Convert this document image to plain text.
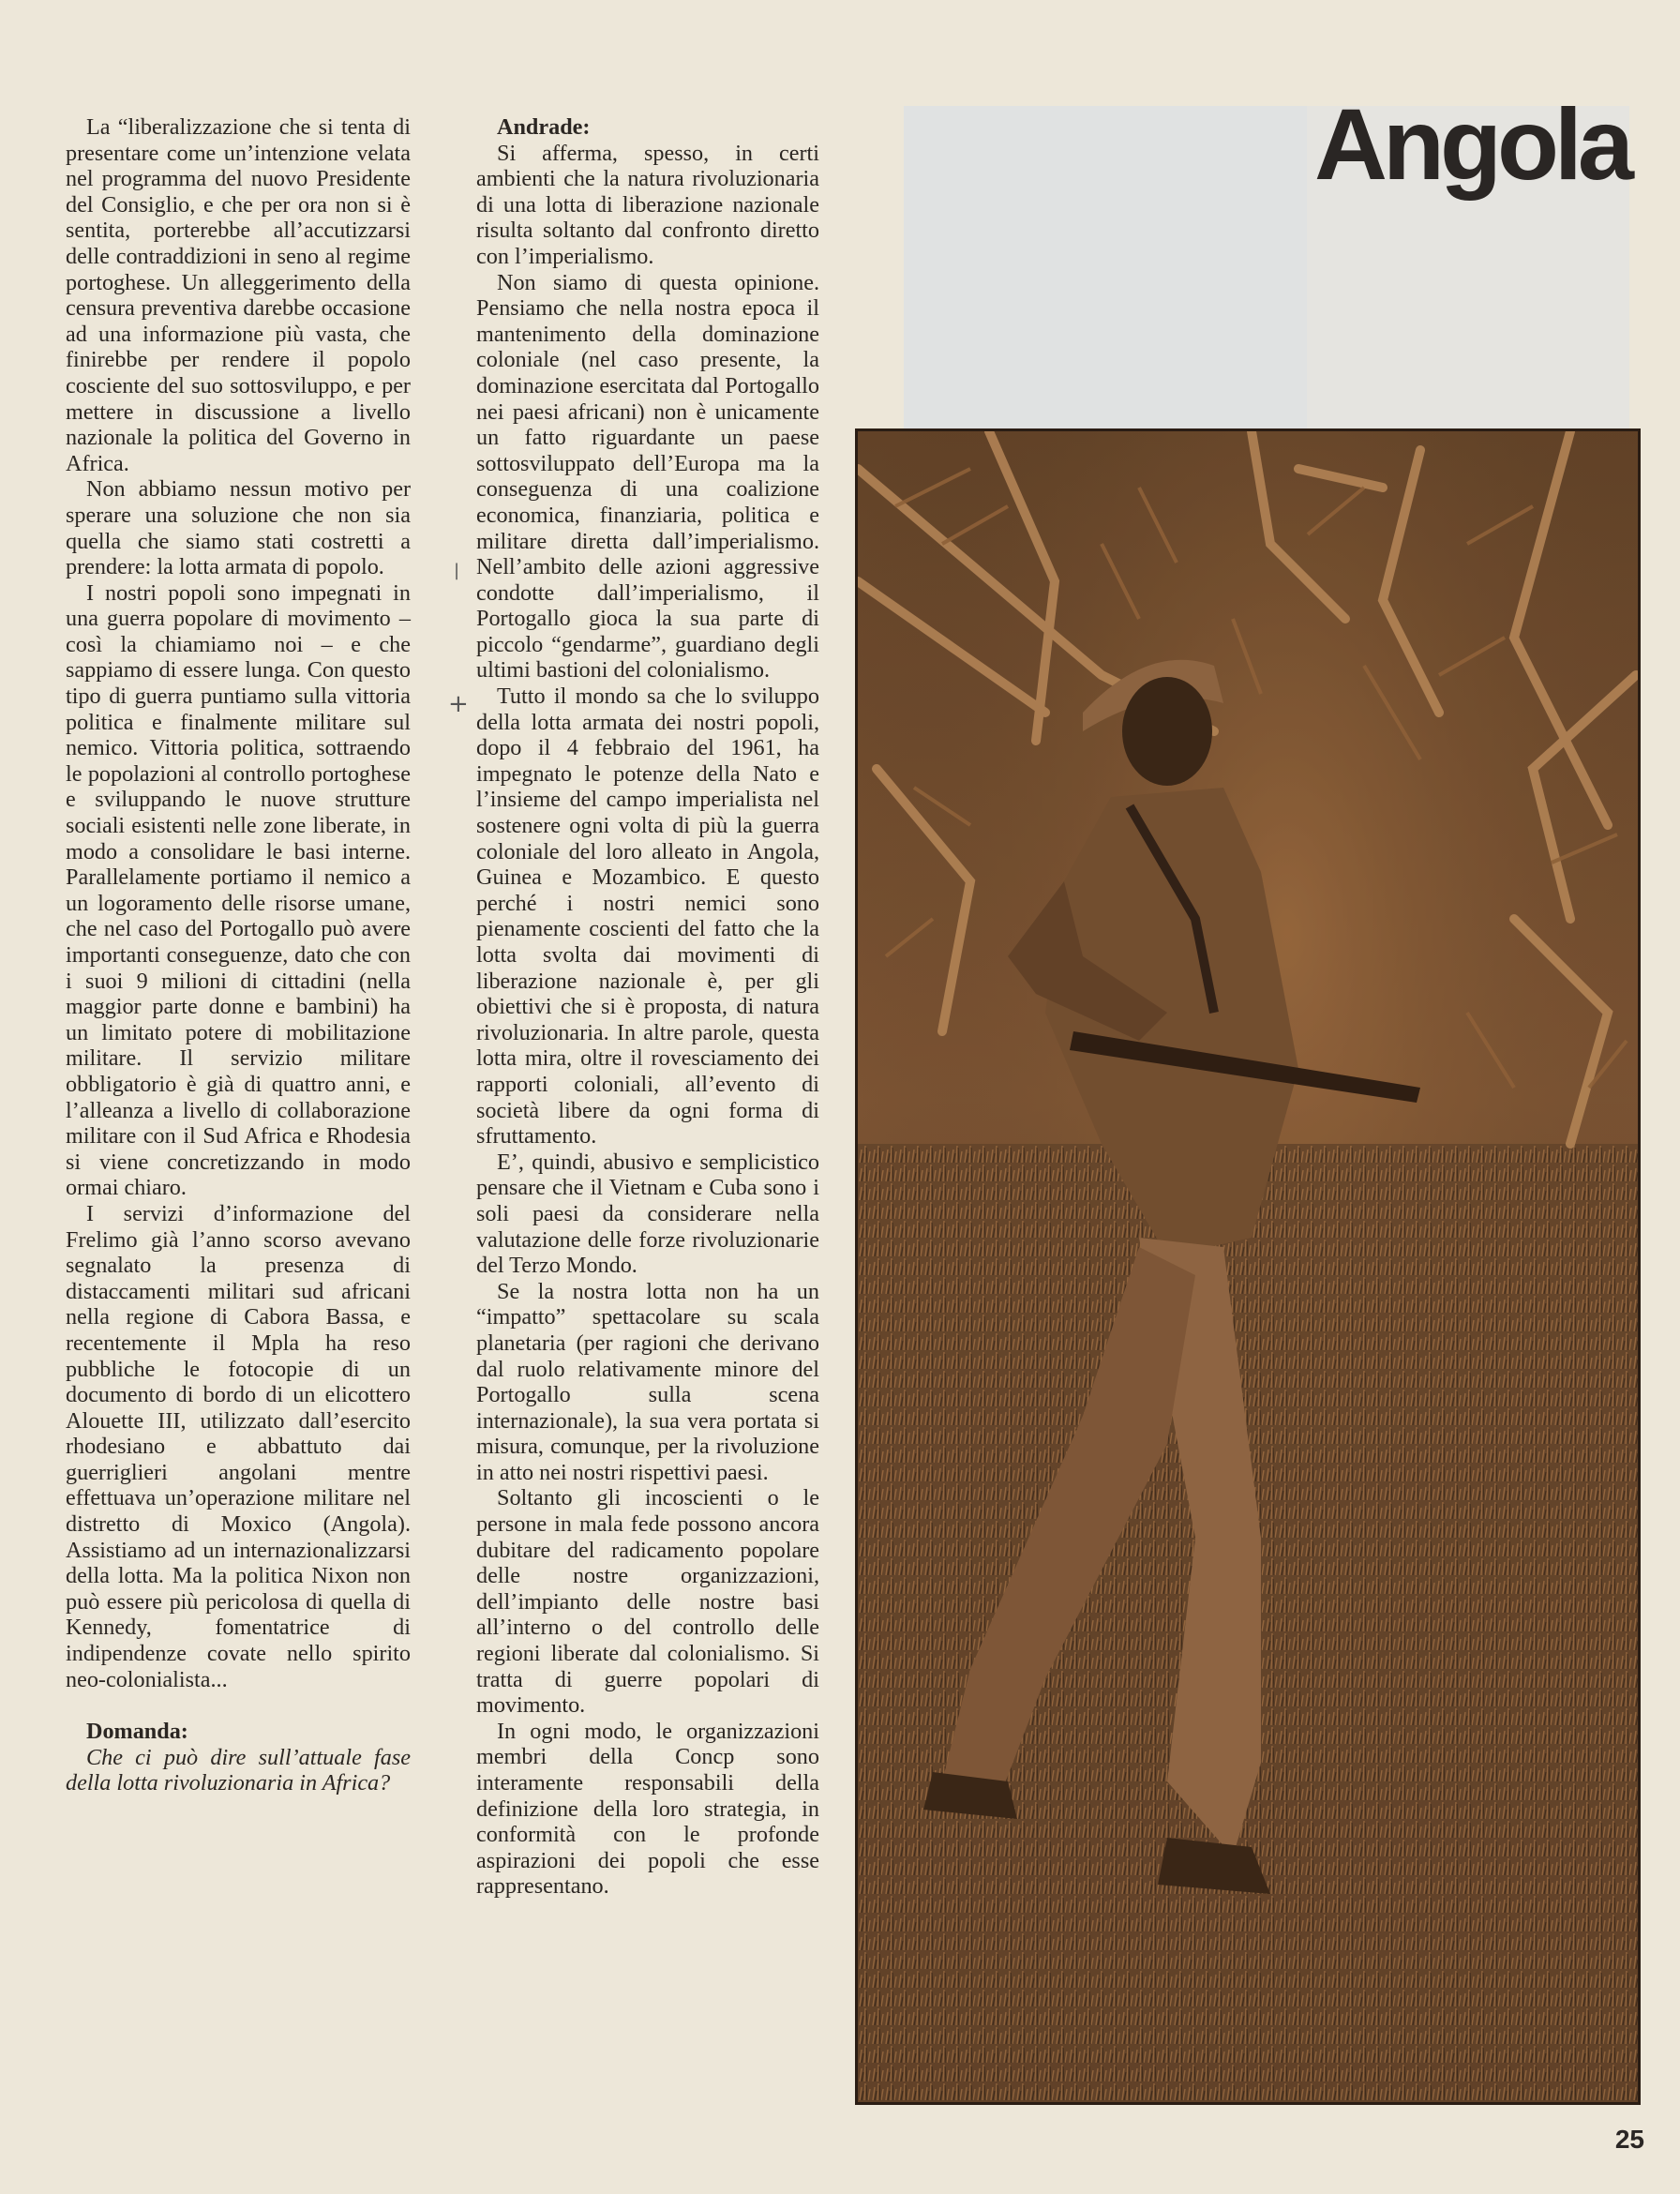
La “liberalizzazione che si tenta di presentare come un’intenzione velata nel programma del nuovo Presidente del Consiglio, e che per ora non si è sentita, porterebbe all’accutizzarsi delle contraddizioni in seno al regime portoghese. Un alleggerimento della censura preventiva darebbe occasione ad una informazione più vasta, che finirebbe per rendere il popolo cosciente del suo sottosviluppo, e per mettere in discussione a livello nazionale la politica del Governo in Africa.

Non abbiamo nessun motivo per sperare una soluzione che non sia quella che siamo stati costretti a prendere: la lotta armata di popolo.

I nostri popoli sono impegnati in una guerra popolare di movimento – così la chiamiamo noi – e che sappiamo di essere lunga. Con questo tipo di guerra puntiamo sulla vittoria politica e finalmente militare sul nemico. Vittoria politica, sottraendo le popolazioni al controllo portoghese e sviluppando le nuove strutture sociali esistenti nelle zone liberate, in modo a consolidare le basi interne. Parallelamente portiamo il nemico a un logoramento delle risorse umane, che nel caso del Portogallo può avere importanti conseguenze, dato che con i suoi 9 milioni di cittadini (nella maggior parte donne e bambini) ha un limitato potere di mobilitazione militare. Il servizio militare obbligatorio è già di quattro anni, e l’alleanza a livello di collaborazione militare con il Sud Africa e Rhodesia si viene concretizzando in modo ormai chiaro.

I servizi d’informazione del Frelimo già l’anno scorso avevano segnalato la presenza di distaccamenti militari sud africani nella regione di Cabora Bassa, e recentemente il Mpla ha reso pubbliche le fotocopie di un documento di bordo di un elicottero Alouette III, utilizzato dall’esercito rhodesiano e abbattuto dai guerriglieri angolani mentre effettuava un’operazione militare nel distretto di Moxico (Angola). Assistiamo ad un internazionalizzarsi della lotta. Ma la politica Nixon non può essere più pericolosa di quella di Kennedy, fomentatrice di indipendenze covate nello spirito neo-colonialista...

Domanda:

Che ci può dire sull’attuale fase della lotta rivoluzionaria in Africa?

Andrade:

Si afferma, spesso, in certi ambienti che la natura rivoluzionaria di una lotta di liberazione nazionale risulta soltanto dal confronto diretto con l’imperialismo.

Non siamo di questa opinione. Pensiamo che nella nostra epoca il mantenimento della dominazione coloniale (nel caso presente, la dominazione esercitata dal Portogallo nei paesi africani) non è unicamente un fatto riguardante un paese sottosviluppato dell’Europa ma la conseguenza di una coalizione economica, finanziaria, politica e militare diretta dall’imperialismo. Nell’ambito delle azioni aggressive condotte dall’imperialismo, il Portogallo gioca la sua parte di piccolo “gendarme”, guardiano degli ultimi bastioni del colonialismo.

Tutto il mondo sa che lo sviluppo della lotta armata dei nostri popoli, dopo il 4 febbraio del 1961, ha impegnato le potenze della Nato e l’insieme del campo imperialista nel sostenere ogni volta di più la guerra coloniale del loro alleato in Angola, Guinea e Mozambico. E questo perché i nostri nemici sono pienamente coscienti del fatto che la lotta svolta dai movimenti di liberazione nazionale è, per gli obiettivi che si è proposta, di natura rivoluzionaria. In altre parole, questa lotta mira, oltre il rovesciamento dei rapporti coloniali, all’evento di società libere da ogni forma di sfruttamento.

E’, quindi, abusivo e semplicistico pensare che il Vietnam e Cuba sono i soli paesi da considerare nella valutazione delle forze rivoluzionarie del Terzo Mondo.

Se la nostra lotta non ha un “impatto” spettacolare su scala planetaria (per ragioni che derivano dal ruolo relativamente minore del Portogallo sulla scena internazionale), la sua vera portata si misura, comunque, per la rivoluzione in atto nei nostri rispettivi paesi.

Soltanto gli incoscienti o le persone in mala fede possono ancora dubitare del radicamento popolare delle nostre organizzazioni, dell’impianto delle nostre basi all’interno o del controllo delle regioni liberate dal colonialismo. Si tratta di guerre popolari di movimento.

In ogni modo, le organizzazioni membri della Concp sono interamente responsabili della definizione della loro strategia, in conformità con le profonde aspirazioni dei popoli che esse rappresentano.

|
+
Angola
25
